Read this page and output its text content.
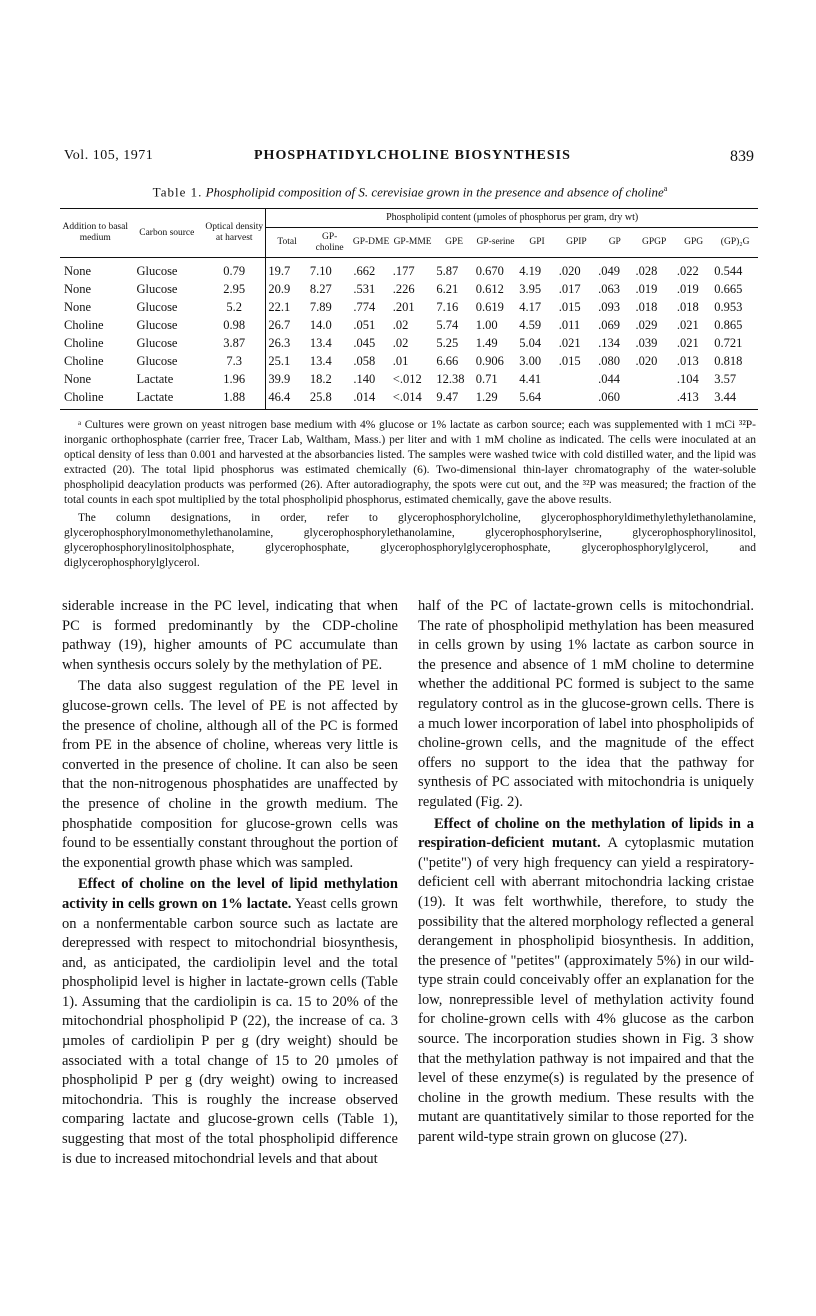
Vol. 105, 1971	PHOSPHATIDYLCHOLINE BIOSYNTHESIS	839
Table 1. Phospholipid composition of S. cerevisiae grown in the presence and absence of choline$^a$
Addition to basal medium	Carbon source	Optical density at harvest	Phospholipid content (µmoles of phosphorus per gram, dry wt)											
			Total	GP-choline	GP-DME	GP-MME	GPE	GP-serine	GPI	GPIP	GP	GPGP	GPG	(GP)₂G
None	Glucose	0.79	19.7	7.10	.662	.177	5.87	0.670	4.19	.020	.049	.028	.022	0.544
None	Glucose	2.95	20.9	8.27	.531	.226	6.21	0.612	3.95	.017	.063	.019	.019	0.665
None	Glucose	5.2	22.1	7.89	.774	.201	7.16	0.619	4.17	.015	.093	.018	.018	0.953
Choline	Glucose	0.98	26.7	14.0	.051	.02	5.74	1.00	4.59	.011	.069	.029	.021	0.865
Choline	Glucose	3.87	26.3	13.4	.045	.02	5.25	1.49	5.04	.021	.134	.039	.021	0.721
Choline	Glucose	7.3	25.1	13.4	.058	.01	6.66	0.906	3.00	.015	.080	.020	.013	0.818
None	Lactate	1.96	39.9	18.2	.140	<.012	12.38	0.71	4.41		.044		.104	3.57
Choline	Lactate	1.88	46.4	25.8	.014	<.014	9.47	1.29	5.64		.060		.413	3.44

ᵃ Cultures were grown on yeast nitrogen base medium with 4% glucose or 1% lactate as carbon source; each was supplemented with 1 mCi ³²P-inorganic orthophosphate (carrier free, Tracer Lab, Waltham, Mass.) per liter and with 1 mM choline as indicated. The cells were inoculated at an optical density of less than 0.001 and harvested at the absorbancies listed. The samples were washed twice with cold distilled water, and the lipid was extracted (20). The total lipid phosphorus was estimated chemically (6). Two-dimensional thin-layer chromatography of the water-soluble phospholipid deacylation products was performed (26). After autoradiography, the spots were cut out, and the ³²P was measured; the fraction of the total counts in each spot multiplied by the total phospholipid phosphorus, estimated chemically, gave the above results.

The column designations, in order, refer to glycerophosphorylcholine, glycerophosphoryldimethylethylethanolamine, glycerophosphorylmonomethylethanolamine, glycerophosphorylethanolamine, glycerophosphorylserine, glycerophosphorylinositol, glycerophosphorylinositolphosphate, glycerophosphate, glycerophosphorylglycerophosphate, glycerophosphorylglycerol, and diglycerophosphorylglycerol.

siderable increase in the PC level, indicating that when PC is formed predominantly by the CDP-choline pathway (19), higher amounts of PC accumulate than when synthesis occurs solely by the methylation of PE.

The data also suggest regulation of the PE level in glucose-grown cells. The level of PE is not affected by the presence of choline, although all of the PC is formed from PE in the absence of choline, whereas very little is converted in the presence of choline. It can also be seen that the non-nitrogenous phosphatides are unaffected by the presence of choline in the growth medium. The phosphatide composition for glucose-grown cells was found to be essentially constant throughout the portion of the exponential growth phase which was sampled.

Effect of choline on the level of lipid methylation activity in cells grown on 1% lactate. Yeast cells grown on a nonfermentable carbon source such as lactate are derepressed with respect to mitochondrial biosynthesis, and, as anticipated, the cardiolipin level and the total phospholipid level is higher in lactate-grown cells (Table 1). Assuming that the cardiolipin is ca. 15 to 20% of the mitochondrial phospholipid P (22), the increase of ca. 3 µmoles of cardiolipin P per g (dry weight) should be associated with a total change of 15 to 20 µmoles of phospholipid P per g (dry weight) owing to increased mitochondria. This is roughly the increase observed comparing lactate and glucose-grown cells (Table 1), suggesting that most of the total phospholipid difference is due to increased mitochondrial levels and that about

half of the PC of lactate-grown cells is mitochondrial. The rate of phospholipid methylation has been measured in cells grown by using 1% lactate as carbon source in the presence and absence of 1 mM choline to determine whether the additional PC formed is subject to the same regulatory control as in the glucose-grown cells. There is a much lower incorporation of label into phospholipids of choline-grown cells, and the magnitude of the effect offers no support to the idea that the pathway for synthesis of PC associated with mitochondria is uniquely regulated (Fig. 2).

Effect of choline on the methylation of lipids in a respiration-deficient mutant. A cytoplasmic mutation ("petite") of very high frequency can yield a respiratory-deficient cell with aberrant mitochondria lacking cristae (19). It was felt worthwhile, therefore, to study the possibility that the altered morphology reflected a general derangement in phospholipid biosynthesis. In addition, the presence of "petites" (approximately 5%) in our wild-type strain could conceivably offer an explanation for the low, nonrepressible level of methylation activity found for choline-grown cells with 4% glucose as the carbon source. The incorporation studies shown in Fig. 3 show that the methylation pathway is not impaired and that the level of these enzyme(s) is regulated by the presence of choline in the growth medium. These results with the mutant are quantitatively similar to those reported for the parent wild-type strain grown on glucose (27).
